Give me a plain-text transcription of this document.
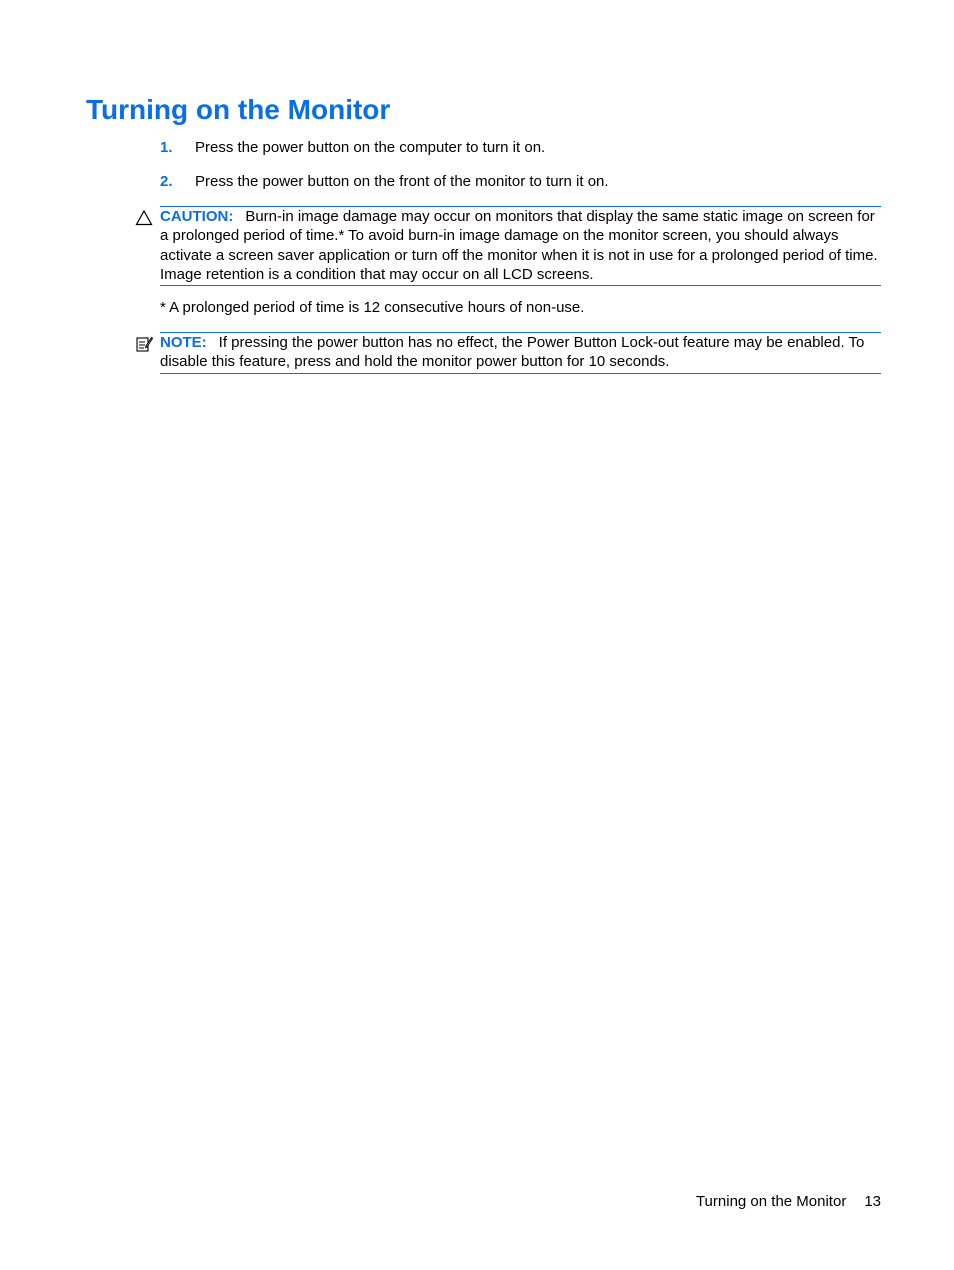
Turning on the Monitor
1. Press the power button on the computer to turn it on.
2. Press the power button on the front of the monitor to turn it on.
CAUTION: Burn-in image damage may occur on monitors that display the same static image on screen for a prolonged period of time.* To avoid burn-in image damage on the monitor screen, you should always activate a screen saver application or turn off the monitor when it is not in use for a prolonged period of time. Image retention is a condition that may occur on all LCD screens.
* A prolonged period of time is 12 consecutive hours of non-use.
NOTE: If pressing the power button has no effect, the Power Button Lock-out feature may be enabled. To disable this feature, press and hold the monitor power button for 10 seconds.
Turning on the Monitor 13
